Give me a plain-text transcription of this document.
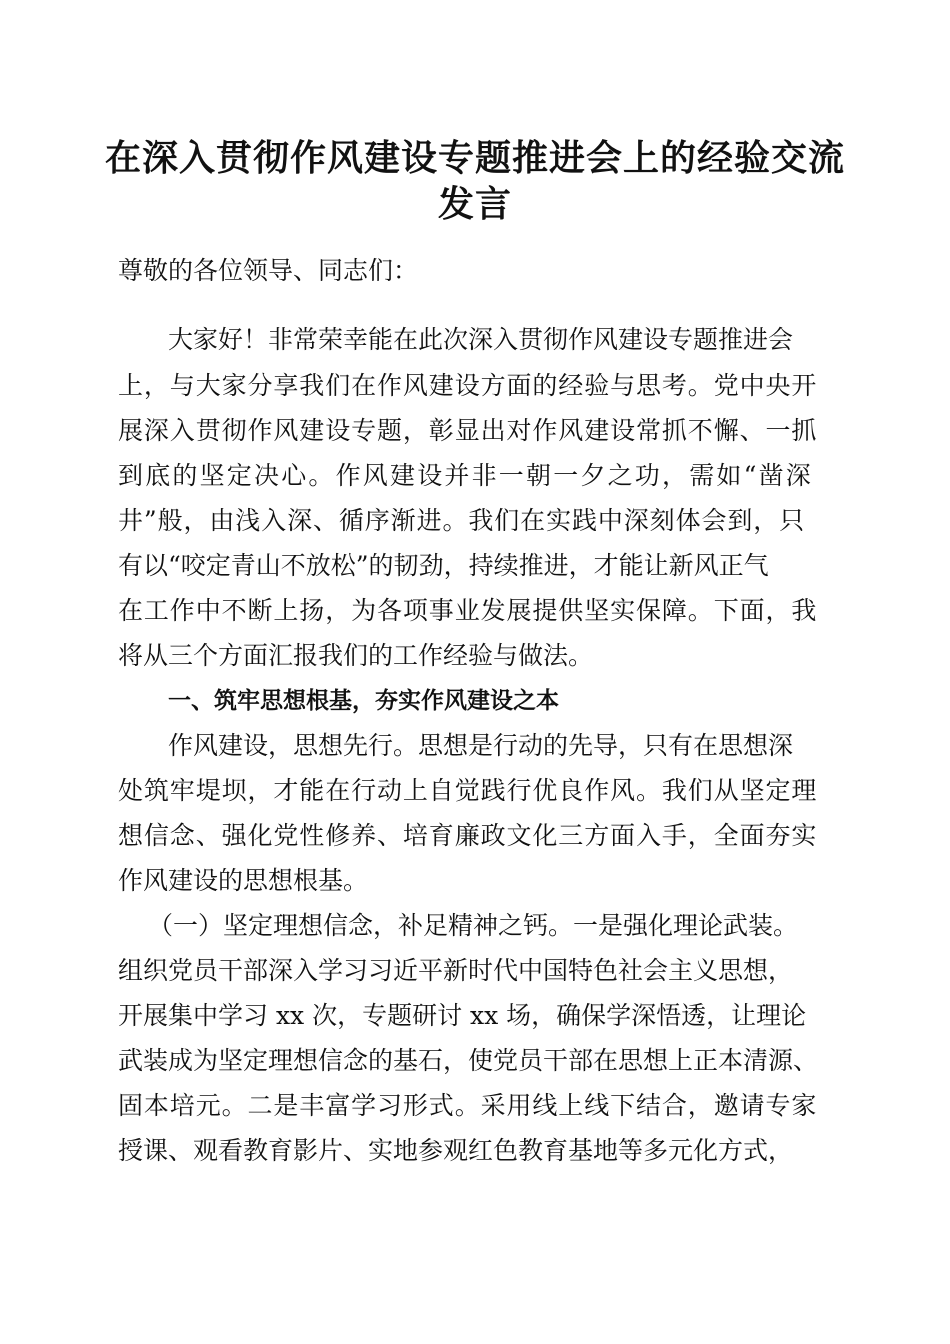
在深入贯彻作风建设专题推进会上的经验交流
发言

尊敬的各位领导、同志们：

大家好！非常荣幸能在此次深入贯彻作风建设专题推进会

上，与大家分享我们在作风建设方面的经验与思考。党中央开

展深入贯彻作风建设专题，彰显出对作风建设常抓不懈、一抓

到底的坚定决心。作风建设并非一朝一夕之功，需如“凿深

井”般，由浅入深、循序渐进。我们在实践中深刻体会到，只

有以“咬定青山不放松”的韧劲，持续推进，才能让新风正气

在工作中不断上扬，为各项事业发展提供坚实保障。下面，我

将从三个方面汇报我们的工作经验与做法。

一、筑牢思想根基，夯实作风建设之本

作风建设，思想先行。思想是行动的先导，只有在思想深

处筑牢堤坝，才能在行动上自觉践行优良作风。我们从坚定理

想信念、强化党性修养、培育廉政文化三方面入手，全面夯实

作风建设的思想根基。

（一）坚定理想信念，补足精神之钙。一是强化理论武装。

组织党员干部深入学习习近平新时代中国特色社会主义思想，

开展集中学习 xx 次，专题研讨 xx 场，确保学深悟透，让理论

武装成为坚定理想信念的基石，使党员干部在思想上正本清源、

固本培元。二是丰富学习形式。采用线上线下结合，邀请专家

授课、观看教育影片、实地参观红色教育基地等多元化方式，
